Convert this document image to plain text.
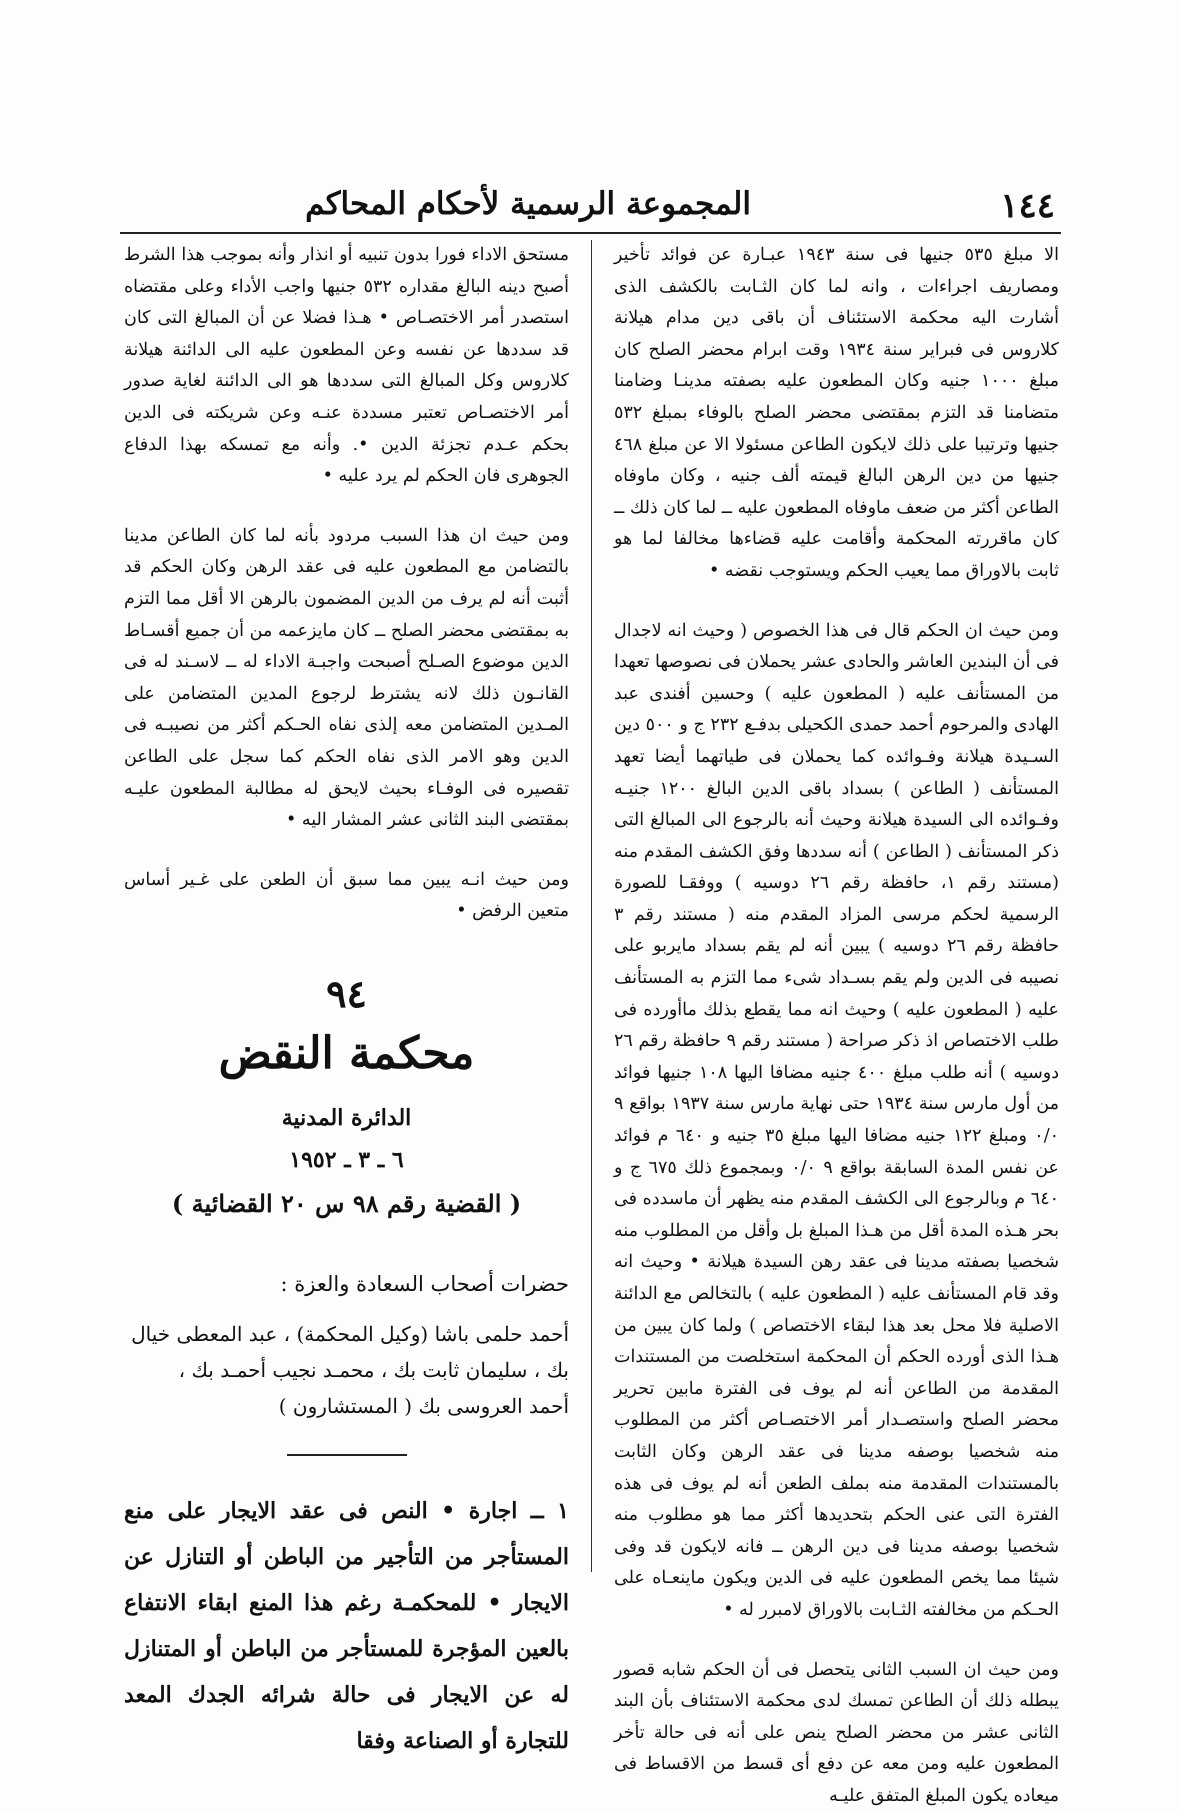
١٤٤
المجموعة الرسمية لأحكام المحاكم

الا مبلغ ٥٣٥ جنيها فى سنة ١٩٤٣ عبـارة عن فوائد تأخير ومصاريف اجراءات ، وانه لما كان الثـابت بالكشف الذى أشارت اليه محكمة الاستئناف أن باقى دين مدام هيلانة كلاروس فى فبراير سنة ١٩٣٤ وقت ابرام محضر الصلح كان مبلغ ١٠٠٠ جنيه وكان المطعون عليه بصفته مدينـا وضامنا متضامنا قد التزم بمقتضى محضر الصلح بالوفاء بمبلغ ٥٣٢ جنيها وترتيبا على ذلك لايكون الطاعن مسئولا الا عن مبلغ ٤٦٨ جنيها من دين الرهن البالغ قيمته ألف جنيه ، وكان ماوفاه الطاعن أكثر من ضعف ماوفاه المطعون عليه ــ لما كان ذلك ــ كان ماقررته المحكمة وأقامت عليه قضاءها مخالفا لما هو ثابت بالاوراق مما يعيب الحكم ويستوجب نقضه •

ومن حيث ان الحكم قال فى هذا الخصوص ( وحيث انه لاجدال فى أن البندين العاشر والحادى عشر يحملان فى نصوصها تعهدا من المستأنف عليه ( المطعون عليه ) وحسين أفندى عبد الهادى والمرحوم أحمد حمدى الكحيلى بدفـع ٢٣٢ ج و ٥٠٠ دين السـيدة هيلانة وفـوائده كما يحملان فى طياتهما أيضا تعهد المستأنف ( الطاعن ) بسداد باقى الدين البالغ ١٢٠٠ جنيـه وفـوائده الى السيدة هيلانة وحيث أنه بالرجوع الى المبالغ التى ذكر المستأنف ( الطاعن ) أنه سددها وفق الكشف المقدم منه (مستند رقم ١، حافظة رقم ٢٦ دوسيه ) ووفقـا للصورة الرسمية لحكم مرسى المزاد المقدم منه ( مستند رقم ٣ حافظة رقم ٢٦ دوسيه ) يبين أنه لم يقم بسداد مايربو على نصيبه فى الدين ولم يقم بسـداد شىء مما التزم به المستأنف عليه ( المطعون عليه ) وحيث انه مما يقطع بذلك ماأورده فى طلب الاختصاص اذ ذكر صراحة ( مستند رقم ٩ حافظة رقم ٢٦ دوسيه ) أنه طلب مبلغ ٤٠٠ جنيه مضافا اليها ١٠٨ جنيها فوائد من أول مارس سنة ١٩٣٤ حتى نهاية مارس سنة ١٩٣٧ بواقع ٩ ٠/٠ ومبلغ ١٢٢ جنيه مضافا اليها مبلغ ٣٥ جنيه و ٦٤٠ م فوائد عن نفس المدة السابقة بواقع ٩ ٠/٠ وبمجموع ذلك ٦٧٥ ج و ٦٤٠ م وبالرجوع الى الكشف المقدم منه يظهر أن ماسدده فى بحر هـذه المدة أقل من هـذا المبلغ بل وأقل من المطلوب منه شخصيا بصفته مدينا فى عقد رهن السيدة هيلانة • وحيث انه وقد قام المستأنف عليه ( المطعون عليه ) بالتخالص مع الدائنة الاصلية فلا محل بعد هذا لبقاء الاختصاص ) ولما كان يبين من هـذا الذى أورده الحكم أن المحكمة استخلصت من المستندات المقدمة من الطاعن أنه لم يوف فى الفترة مابين تحرير محضر الصلح واستصـدار أمر الاختصـاص أكثر من المطلوب منه شخصيا بوصفه مدينا فى عقد الرهن وكان الثابت بالمستندات المقدمة منه بملف الطعن أنه لم يوف فى هذه الفترة التى عنى الحكم بتحديدها أكثر مما هو مطلوب منه شخصيا بوصفه مدينا فى دين الرهن ــ فانه لايكون قد وفى شيئا مما يخص المطعون عليه فى الدين ويكون ماينعـاه على الحـكم من مخالفته الثـابت بالاوراق لامبرر له •

ومن حيث ان السبب الثانى يتحصل فى أن الحكم شابه قصور يبطله ذلك أن الطاعن تمسك لدى محكمة الاستئناف بأن البند الثانى عشر من محضر الصلح ينص على أنه فى حالة تأخر المطعون عليه ومن معه عن دفع أى قسط من الاقساط فى ميعاده يكون المبلغ المتفق عليـه

مستحق الاداء فورا بدون تنبيه أو انذار وأنه بموجب هذا الشرط أصبح دينه البالغ مقداره ٥٣٢ جنيها واجب الأداء وعلى مقتضاه استصدر أمر الاختصـاص • هـذا فضلا عن أن المبالغ التى كان قد سددها عن نفسه وعن المطعون عليه الى الدائنة هيلانة كلاروس وكل المبالغ التى سددها هو الى الدائنة لغاية صدور أمر الاختصـاص تعتبر مسددة عنـه وعن شريكته فى الدين بحكم عـدم تجزئة الدين •. وأنه مع تمسكه بهذا الدفاع الجوهرى فان الحكم لم يرد عليه •

ومن حيث ان هذا السبب مردود بأنه لما كان الطاعن مدينا بالتضامن مع المطعون عليه فى عقد الرهن وكان الحكم قد أثبت أنه لم يرف من الدين المضمون بالرهن الا أقل مما التزم به بمقتضى محضر الصلح ــ كان مايزعمه من أن جميع أقسـاط الدين موضوع الصـلح أصبحت واجبـة الاداء له ــ لاسـند له فى القانـون ذلك لانه يشترط لرجوع المدين المتضامن على المـدين المتضامن معه إلذى نفاه الحـكم أكثر من نصيبـه فى الدين وهو الامر الذى نفاه الحكم كما سجل على الطاعن تقصيره فى الوفـاء بحيث لايحق له مطالبة المطعون عليـه بمقتضى البند الثانى عشر المشار اليه •

ومن حيث انـه يبين مما سبق أن الطعن على غـير أساس متعين الرفض •

٩٤
محكمة النقض
الدائرة المدنية
٦ ـ ٣ ـ ١٩٥٢
( القضية رقم ٩٨ س ٢٠ القضائية )
حضرات أصحاب السعادة والعزة :
أحمد حلمى باشا (وكيل المحكمة) ، عبد المعطى خيال
بك ، سليمان ثابت بك ، محمـد نجيب أحمـد بك ،
أحمد العروسى بك ( المستشارون )

١ ــ اجارة • النص فى عقد الايجار على منع المستأجر من التأجير من الباطن أو التنازل عن الايجار • للمحكمـة رغم هذا المنع ابقاء الانتفاع بالعين المؤجرة للمستأجر من الباطن أو المتنازل له عن الايجار فى حالة شرائه الجدك المعد للتجارة أو الصناعة وفقا
